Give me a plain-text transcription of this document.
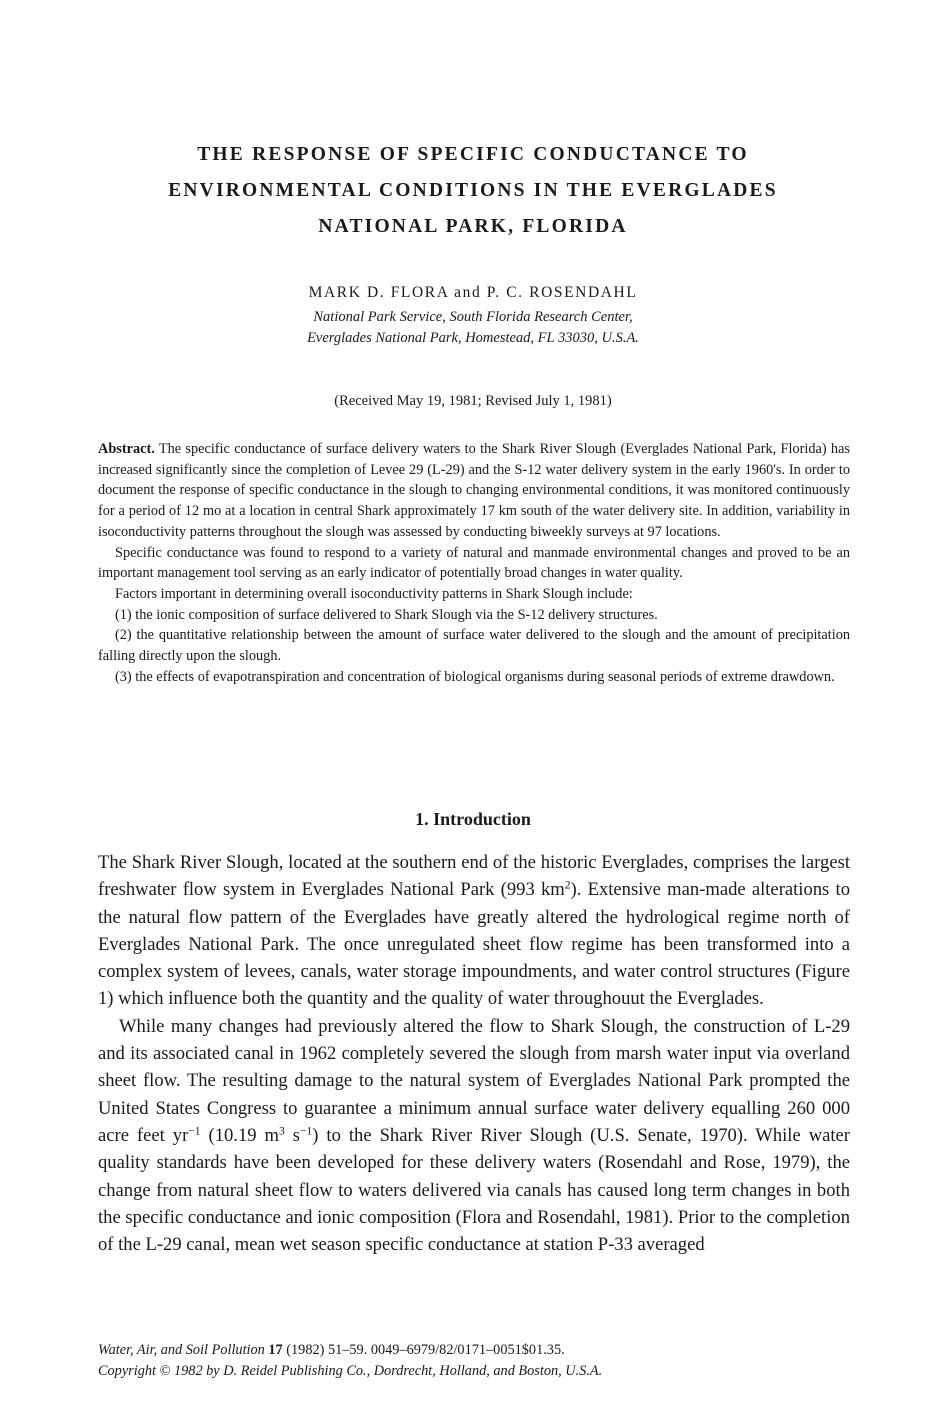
THE RESPONSE OF SPECIFIC CONDUCTANCE TO
ENVIRONMENTAL CONDITIONS IN THE EVERGLADES
NATIONAL PARK, FLORIDA
MARK D. FLORA and P. C. ROSENDAHL
National Park Service, South Florida Research Center,
Everglades National Park, Homestead, FL 33030, U.S.A.
(Received May 19, 1981; Revised July 1, 1981)

Abstract. The specific conductance of surface delivery waters to the Shark River Slough (Everglades National Park, Florida) has increased significantly since the completion of Levee 29 (L-29) and the S-12 water delivery system in the early 1960's. In order to document the response of specific conductance in the slough to changing environmental conditions, it was monitored continuously for a period of 12 mo at a location in central Shark approximately 17 km south of the water delivery site. In addition, variability in isoconductivity patterns throughout the slough was assessed by conducting biweekly surveys at 97 locations.

Specific conductance was found to respond to a variety of natural and manmade environmental changes and proved to be an important management tool serving as an early indicator of potentially broad changes in water quality.

Factors important in determining overall isoconductivity patterns in Shark Slough include:

(1) the ionic composition of surface delivered to Shark Slough via the S-12 delivery structures.

(2) the quantitative relationship between the amount of surface water delivered to the slough and the amount of precipitation falling directly upon the slough.

(3) the effects of evapotranspiration and concentration of biological organisms during seasonal periods of extreme drawdown.

1. Introduction

The Shark River Slough, located at the southern end of the historic Everglades, comprises the largest freshwater flow system in Everglades National Park (993 $km^2$). Extensive man-made alterations to the natural flow pattern of the Everglades have greatly altered the hydrological regime north of Everglades National Park. The once unregulated sheet flow regime has been transformed into a complex system of levees, canals, water storage impoundments, and water control structures (Figure 1) which influence both the quantity and the quality of water throughouut the Everglades.

While many changes had previously altered the flow to Shark Slough, the construction of L-29 and its associated canal in 1962 completely severed the slough from marsh water input via overland sheet flow. The resulting damage to the natural system of Everglades National Park prompted the United States Congress to guarantee a minimum annual surface water delivery equalling 260 000 acre feet $yr^{-1}$ (10.19 $m^3$ $s^{-1}$) to the Shark River River Slough (U.S. Senate, 1970). While water quality standards have been developed for these delivery waters (Rosendahl and Rose, 1979), the change from natural sheet flow to waters delivered via canals has caused long term changes in both the specific conductance and ionic composition (Flora and Rosendahl, 1981). Prior to the completion of the L-29 canal, mean wet season specific conductance at station P-33 averaged

Water, Air, and Soil Pollution 17 (1982) 51–59. 0049–6979/82/0171–0051$01.35.
Copyright © 1982 by D. Reidel Publishing Co., Dordrecht, Holland, and Boston, U.S.A.
